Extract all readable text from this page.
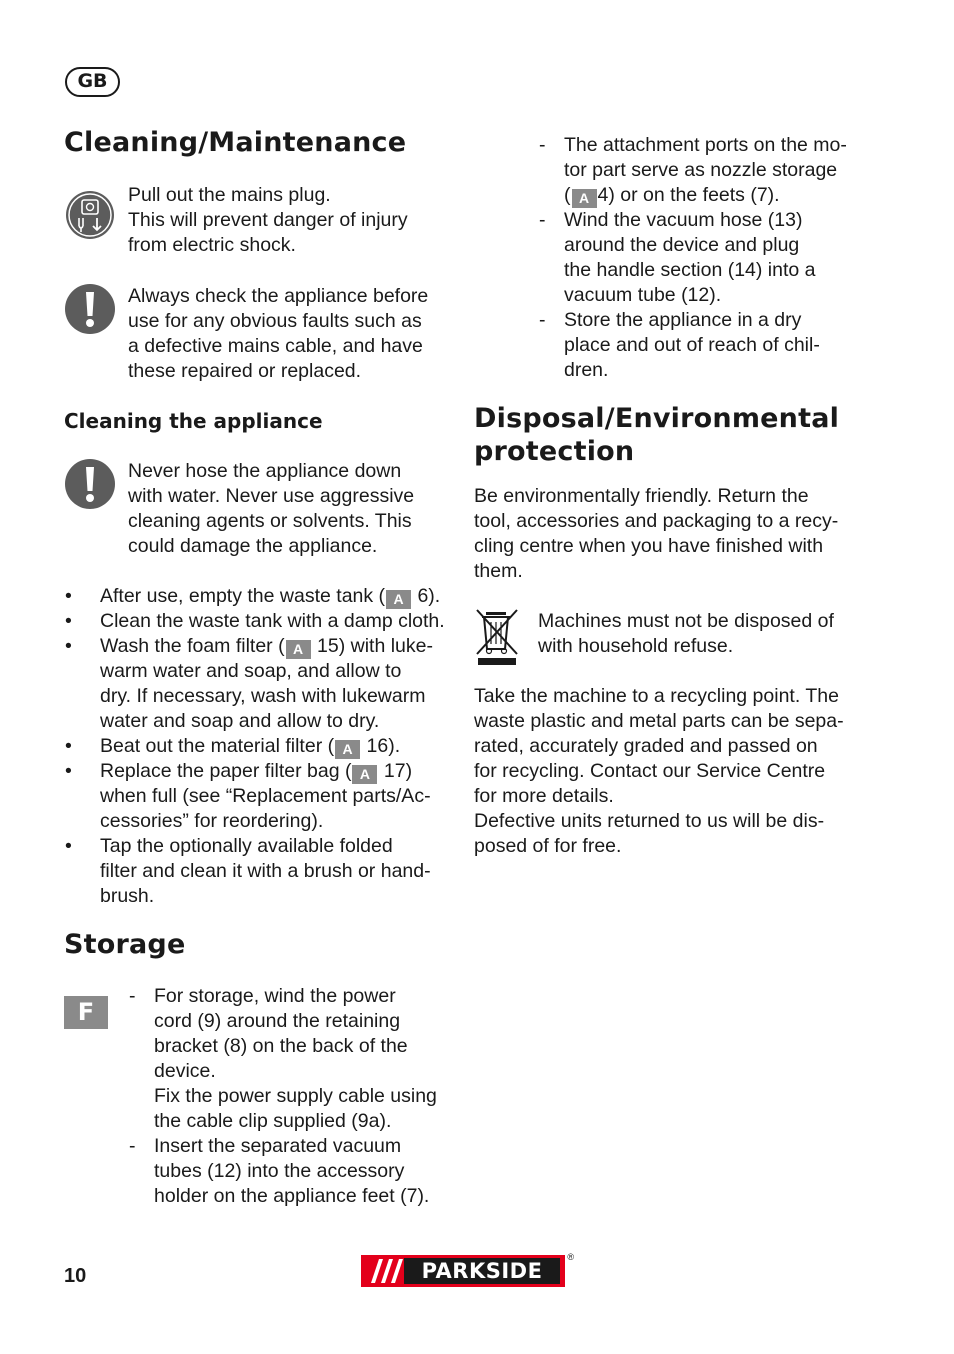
GB
Cleaning/Maintenance
Pull out the mains plug.
This will prevent danger of injury
from electric shock.
Always check the appliance before
use for any obvious faults such as
a defective mains cable, and have
these repaired or replaced.
Cleaning the appliance
Never hose the appliance down
with water. Never use aggressive
cleaning agents or solvents. This
could damage the appliance.
• After use, empty the waste tank ( A 6).
• Clean the waste tank with a damp cloth.
• Wash the foam filter ( A 15) with luke-
warm water and soap, and allow to
dry. If necessary, wash with lukewarm
water and soap and allow to dry.
• Beat out the material filter ( A 16).
• Replace the paper filter bag ( A 17)
when full (see “Replacement parts/Ac-
cessories” for reordering).
• Tap the optionally available folded
filter and clean it with a brush or hand-
brush.
Storage
F
- For storage, wind the power
cord (9) around the retaining
bracket (8) on the back of the
device.
Fix the power supply cable using
the cable clip supplied (9a).
- Insert the separated vacuum
tubes (12) into the accessory
holder on the appliance feet (7).
- The attachment ports on the mo-
tor part serve as nozzle storage
( A 4) or on the feets (7).
- Wind the vacuum hose (13)
around the device and plug
the handle section (14) into a
vacuum tube (12).
- Store the appliance in a dry
place and out of reach of chil-
dren.
Disposal/Environmental
protection
Be environmentally friendly. Return the
tool, accessories and packaging to a recy-
cling centre when you have finished with
them.
Machines must not be disposed of
with household refuse.
Take the machine to a recycling point. The
waste plastic and metal parts can be sepa-
rated, accurately graded and passed on
for recycling. Contact our Service Centre
for more details.
Defective units returned to us will be dis-
posed of for free.
10	PARKSIDE
®
